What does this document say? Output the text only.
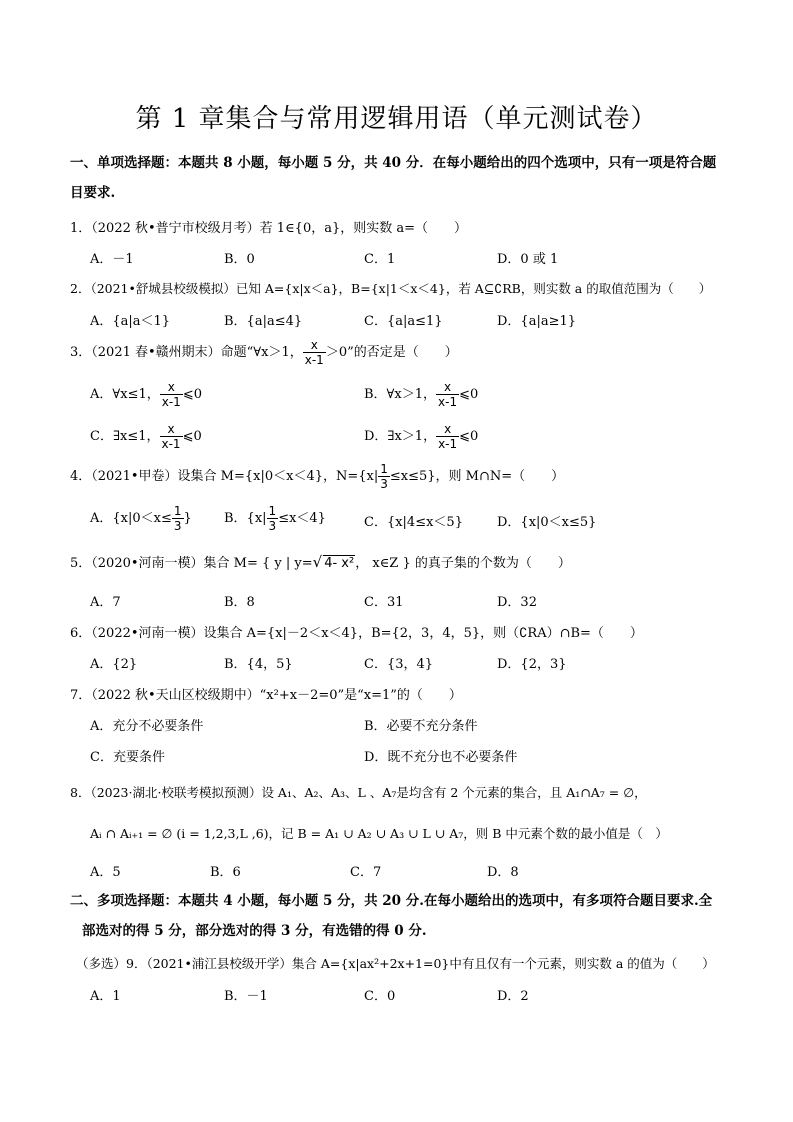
第 1 章集合与常用逻辑用语（单元测试卷）
一、单项选择题：本题共 8 小题，每小题 5 分，共 40 分．在每小题给出的四个选项中，只有一项是符合题
目要求.
1．（2022 秋•普宁市校级月考）若 1∈{0，a}，则实数 a=（　　）
A．－1	B．0	C．1	D．0 或 1
2．（2021•舒城县校级模拟）已知 A={x|x＜a}，B={x|1＜x＜4}，若 A⊆∁RB，则实数 a 的取值范围为（　　）
A．{a|a＜1}	B．{a|a≤4}	C．{a|a≤1}	D．{a|a≥1}
3．（2021 春•赣州期末）命题“∀x＞1， $\frac{x}{x-1} >0$”的否定是（　　）
A．∀x≤1， $\frac{x}{x-1}$ ⩽0	B．∀x＞1， $\frac{x}{x-1}$ ⩽0
C．∃x≤1， $\frac{x}{x-1}$ ⩽0	D．∃x＞1， $\frac{x}{x-1}$ ⩽0
4．（2021•甲卷）设集合 M={x|0＜x＜4}，$N=\{x| \frac{1}{3} \le x\le 5\}$，则 M∩N=（　　）
A．{$x|0<x\le \frac{1}{3}$ } B．$\{x| \frac{1}{3} \le x<4\}$	C．{x|4≤x＜5}	D．{x|0＜x≤5}
5．（2020•河南一模）集合 M= { y | y=√ 4- x²， x∈Z } 的真子集的个数为（　　）
A．7	B．8	C．31	D．32
6．（2022•河南一模）设集合 A={x|－2＜x＜4}，B={2，3，4，5}，则（∁RA）∩B=（　　）
A．{2}	B．{4，5}	C．{3，4}	D．{2，3}
7．（2022 秋•天山区校级期中）“x²+x－2=0”是“x=1”的（　　）
A．充分不必要条件	B．必要不充分条件
C．充要条件	D．既不充分也不必要条件
8．（2023·湖北·校联考模拟预测）设 A₁、A₂、A₃、L 、A₇是均含有 2 个元素的集合，且 A₁∩A₇ = ∅，
Aᵢ ∩ Aᵢ₊₁ = ∅ (i = 1,2,3,L ,6)，记 B = A₁ ∪ A₂ ∪ A₃ ∪ L ∪ A₇，则 B 中元素个数的最小值是（　）
A．5	B．6	C．7	D．8
二、多项选择题：本题共 4 小题，每小题 5 分，共 20 分.在每小题给出的选项中，有多项符合题目要求.全
部选对的得 5 分，部分选对的得 3 分，有选错的得 0 分.
（多选）9．（2021•浦江县校级开学）集合 A={x|ax²+2x+1=0}中有且仅有一个元素，则实数 a 的值为（　　）
A．1	B．－1	C．0	D．2
